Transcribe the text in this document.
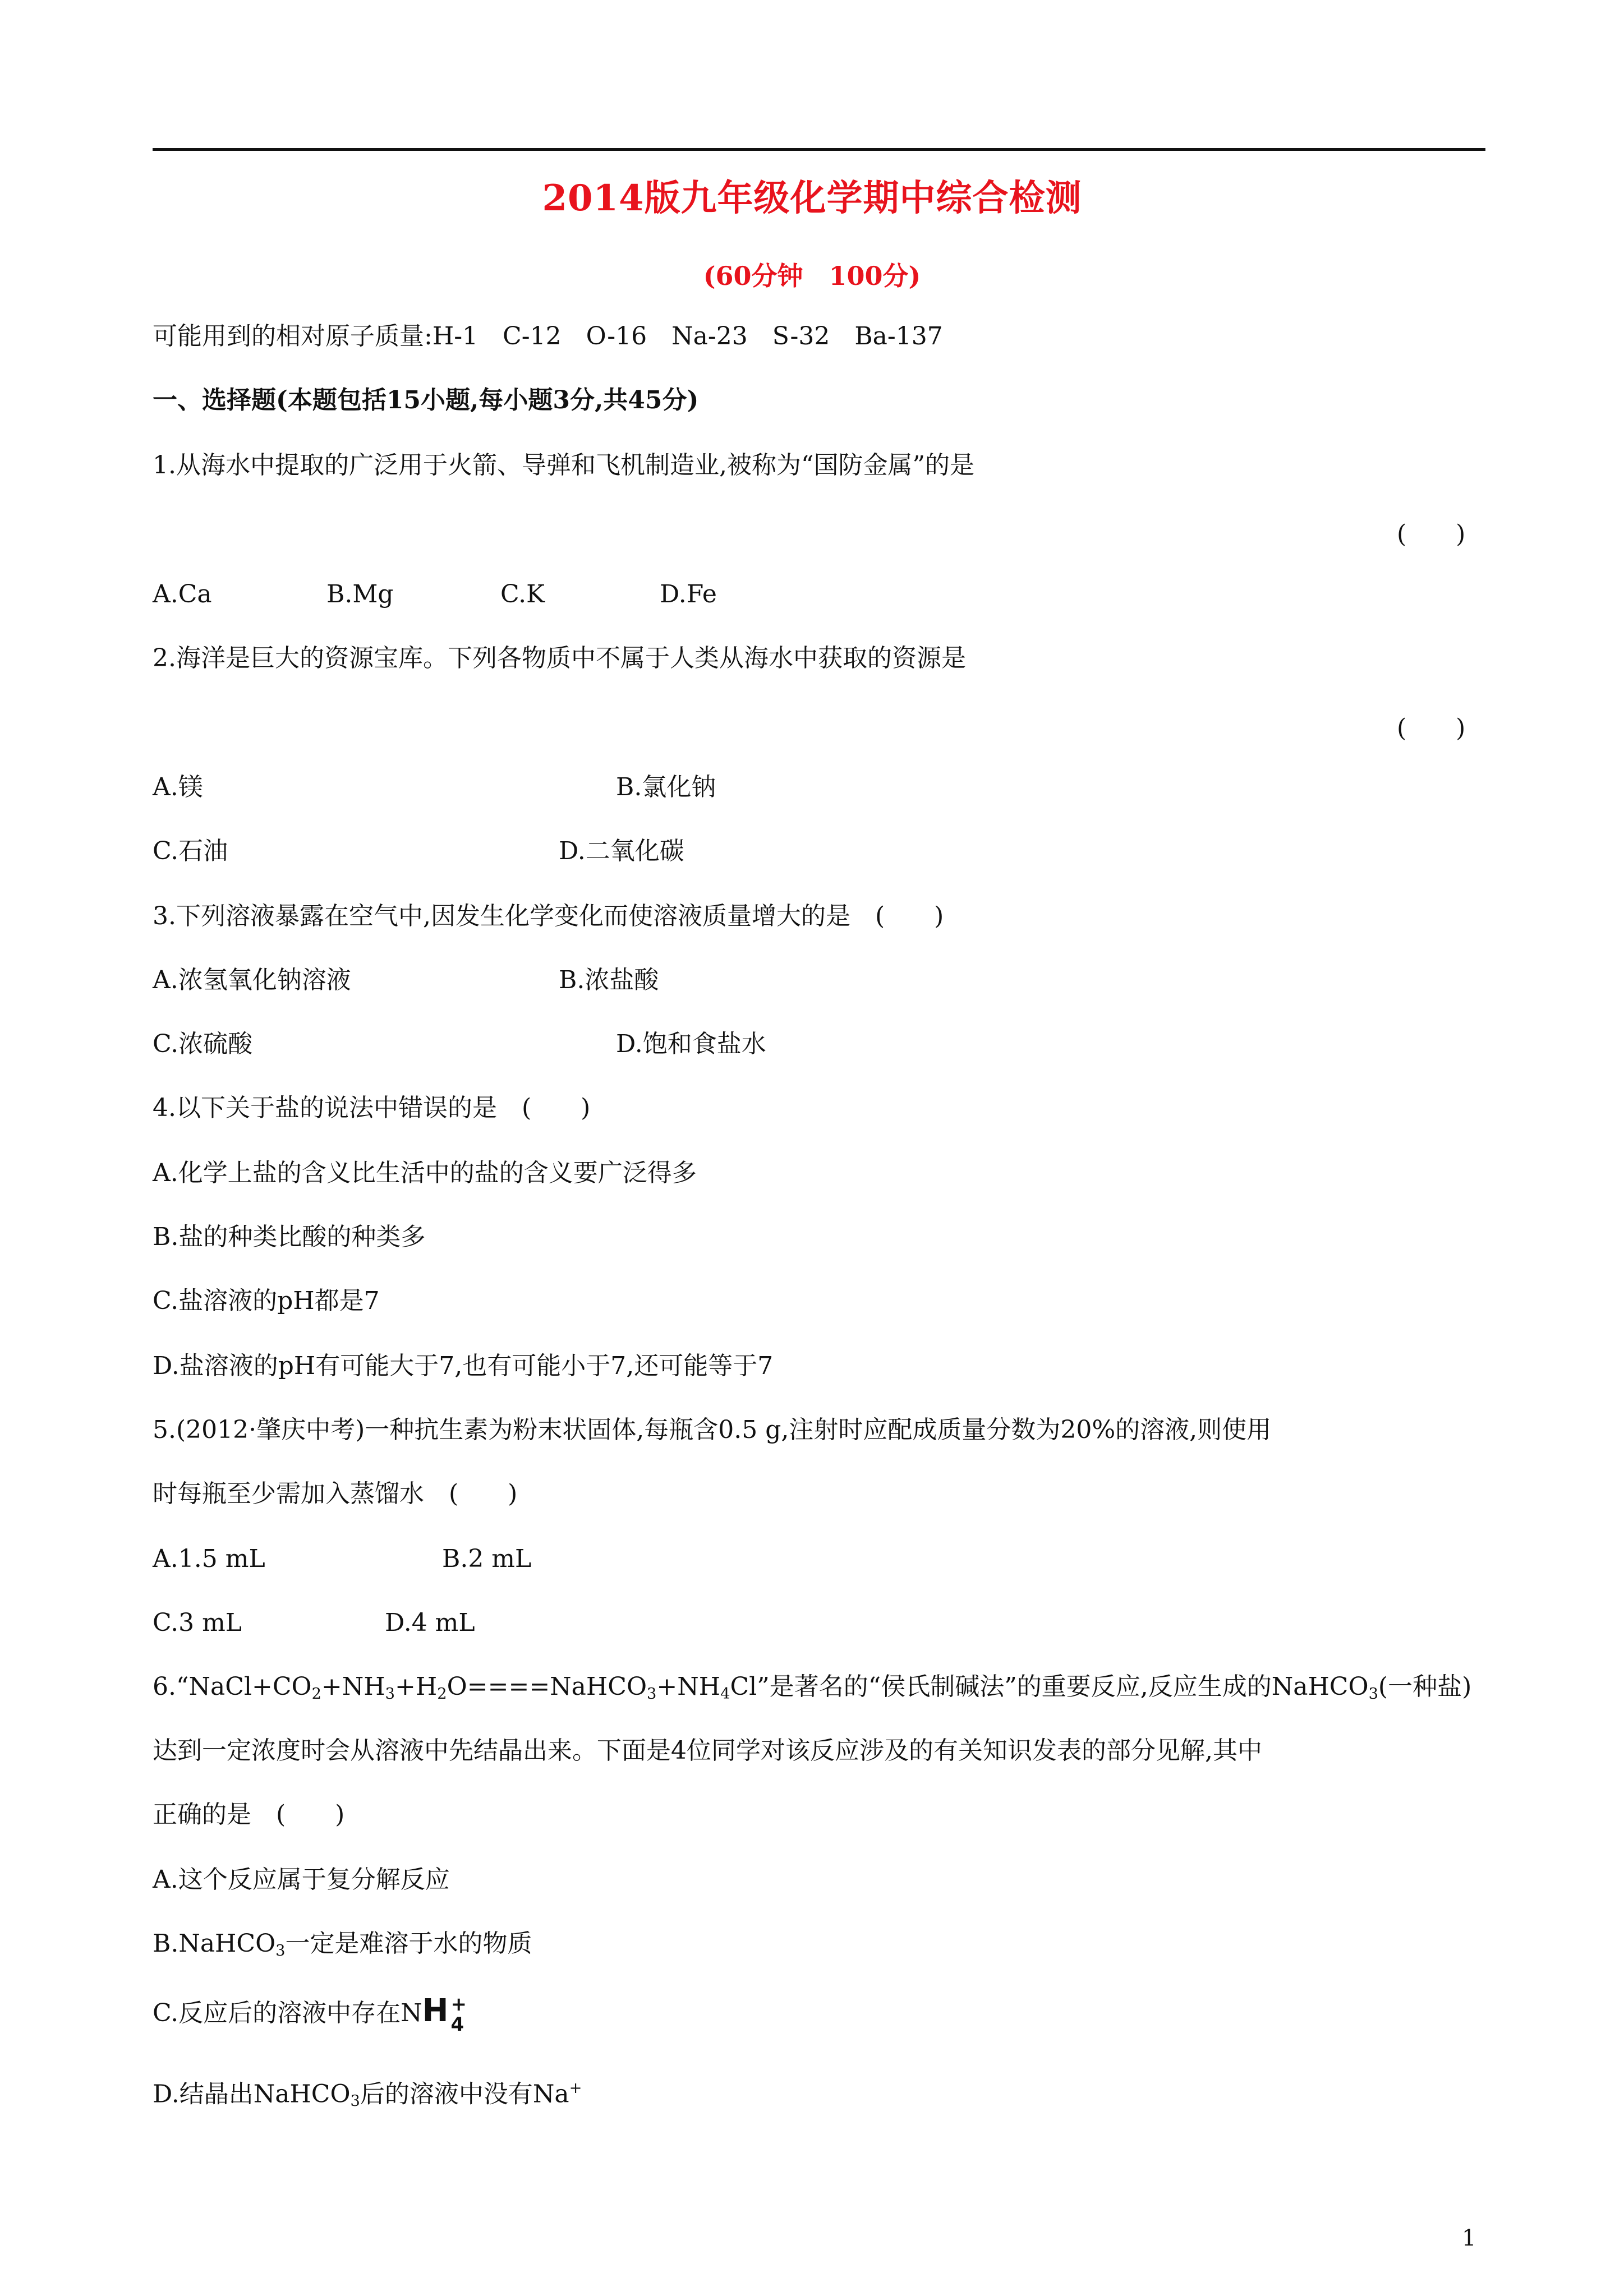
2014版九年级化学期中综合检测
(60分钟　100分)
可能用到的相对原子质量:H-1　C-12　O-16　Na-23　S-32　Ba-137
一、选择题(本题包括15小题,每小题3分,共45分)
1.从海水中提取的广泛用于火箭、导弹和飞机制造业,被称为“国防金属”的是
(　　)
A.Ca	B.Mg	C.K	D.Fe
2.海洋是巨大的资源宝库。下列各物质中不属于人类从海水中获取的资源是
(　　)
A.镁	B.氯化钠
C.石油	D.二氧化碳
3.下列溶液暴露在空气中,因发生化学变化而使溶液质量增大的是　(　　)
A.浓氢氧化钠溶液	B.浓盐酸
C.浓硫酸	D.饱和食盐水
4.以下关于盐的说法中错误的是　(　　)
A.化学上盐的含义比生活中的盐的含义要广泛得多
B.盐的种类比酸的种类多
C.盐溶液的pH都是7
D.盐溶液的pH有可能大于7,也有可能小于7,还可能等于7
5.(2012·肇庆中考)一种抗生素为粉末状固体,每瓶含0.5 g,注射时应配成质量分数为20%的溶液,则使用
时每瓶至少需加入蒸馏水　(　　)
A.1.5 mL	B.2 mL
C.3 mL	D.4 mL
$6.“NaCl+CO_2+NH_3+H_2O====NaHCO_3+NH_4Cl$”是著名的“侯氏制碱法”的重要反应,反应生成的NaHCO$_3$(一种盐)
达到一定浓度时会从溶液中先结晶出来。下面是4位同学对该反应涉及的有关知识发表的部分见解,其中
正确的是　(　　)
A.这个反应属于复分解反应
B.NaHCO$_3$一定是难溶于水的物质
C.反应后的溶液中存在NH +
4
D.结晶出NaHCO$_3$后的溶液中没有Na+
1
